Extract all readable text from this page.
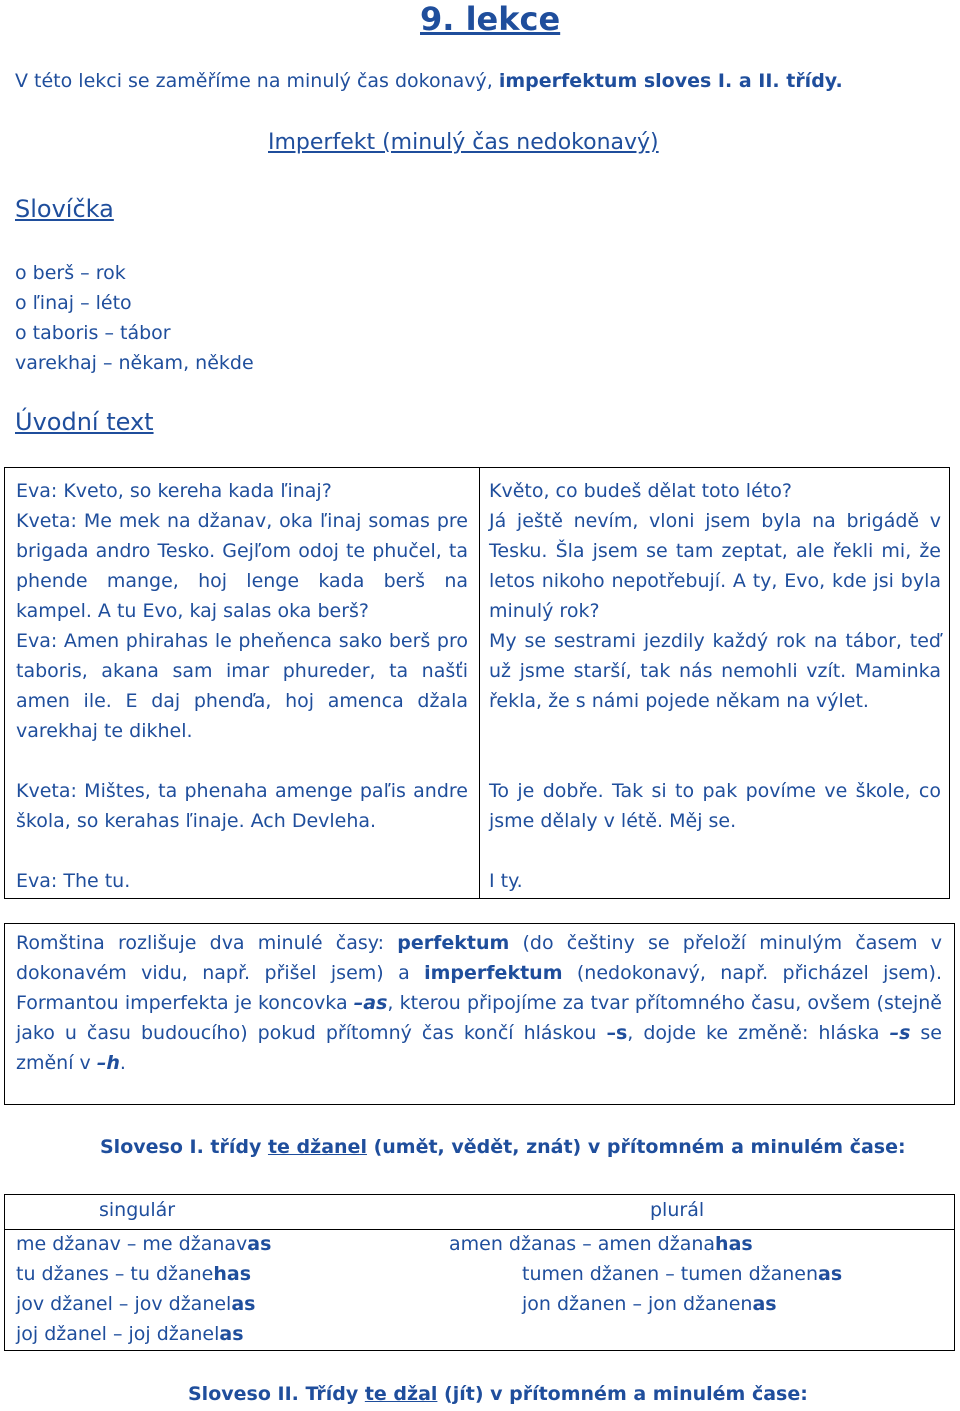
9. lekce
V této lekci se zaměříme na minulý čas dokonavý, imperfektum sloves I. a II. třídy.
Imperfekt (minulý čas nedokonavý)
Slovíčka
o berš – rok
o ľinaj – léto
o taboris – tábor
varekhaj – někam, někde
Úvodní text
Eva: Kveto, so kereha kada ľinaj?
Kveta: Me mek na džanav, oka ľinaj somas pre brigada andro Tesko. Gejľom odoj te phučel, ta phende mange, hoj lenge kada berš na kampel. A tu Evo, kaj salas oka berš?
Eva: Amen phirahas le pheňenca sako berš pro taboris, akana sam imar phureder, ta našťi amen ile. E daj phenďa, hoj amenca džala varekhaj te dikhel.
Kveta: Mištes, ta phenaha amenge paľis andre škola, so kerahas ľinaje. Ach Devleha.
Eva: The tu.
Květo, co budeš dělat toto léto?
Já ještě nevím, vloni jsem byla na brigádě v Tesku. Šla jsem se tam zeptat, ale řekli mi, že letos nikoho nepotřebují. A ty, Evo, kde jsi byla minulý rok?
My se sestrami jezdily každý rok na tábor, teď už jsme starší, tak nás nemohli vzít. Maminka řekla, že s námi pojede někam na výlet.
To je dobře. Tak si to pak povíme ve škole, co jsme dělaly v létě. Měj se.
I ty.
Romština rozlišuje dva minulé časy: perfektum (do češtiny se přeloží minulým časem v dokonavém vidu, např. přišel jsem) a imperfektum (nedokonavý, např. přicházel jsem). Formantou imperfekta je koncovka –as, kterou připojíme za tvar přítomného času, ovšem (stejně jako u času budoucího) pokud přítomný čas končí hláskou –s, dojde ke změně: hláska –s se změní v –h.
Sloveso I. třídy te džanel (umět, vědět, znát) v přítomném a minulém čase:
singulár	plurál
me džanav – me džanavas
tu džanes – tu džanehas
jov džanel – jov džanelas
joj džanel – joj džanelas
amen džanas – amen džanahas
tumen džanen – tumen džanenas
jon džanen – jon džanenas
Sloveso II. Třídy te džal (jít) v přítomném a minulém čase:
